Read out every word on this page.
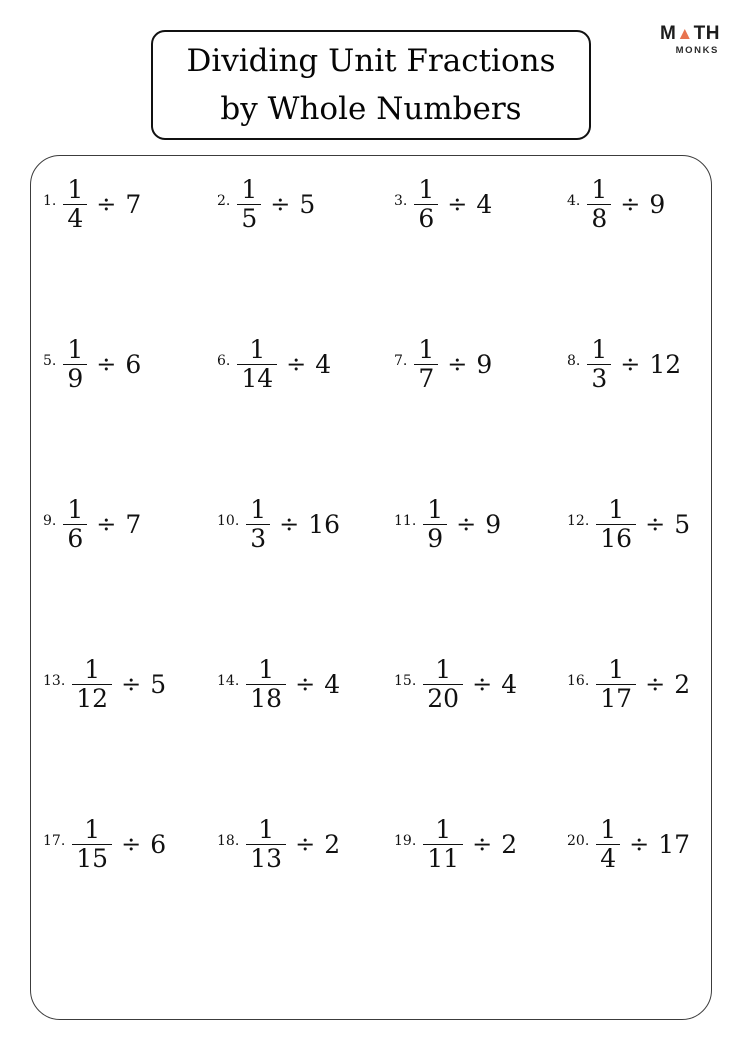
M▲TH
MONKS
Dividing Unit Fractions
by Whole Numbers
1. $\frac{1}{4} \div 7$	2. $\frac{1}{5} \div 5$	3. $\frac{1}{6} \div 4$	4. $\frac{1}{8} \div 9$
5. $\frac{1}{9} \div 6$	6. $\frac{1}{14} \div 4$	7. $\frac{1}{7} \div 9$	8. $\frac{1}{3} \div 12$
9. $\frac{1}{6} \div 7$	10. $\frac{1}{3} \div 16$	11. $\frac{1}{9} \div 9$	12. $\frac{1}{16} \div 5$
13. $\frac{1}{12} \div 5$	14. $\frac{1}{18} \div 4$	15. $\frac{1}{20} \div 4$	16. $\frac{1}{17} \div 2$
17. $\frac{1}{15} \div 6$	18. $\frac{1}{13} \div 2$	19. $\frac{1}{11} \div 2$	20. $\frac{1}{4} \div 17$
